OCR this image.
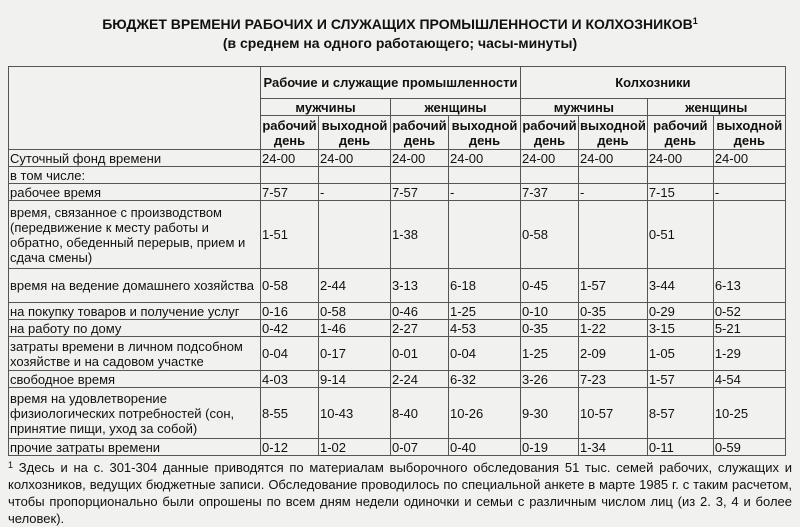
БЮДЖЕТ ВРЕМЕНИ РАБОЧИХ И СЛУЖАЩИХ ПРОМЫШЛЕННОСТИ И КОЛХОЗНИКОВ$^1$
(в среднем на одного работающего; часы-минуты)
	Рабочие и служащие промышленности				Колхозники			
	мужчины		женщины		мужчины		женщины	
	рабочий день	выходной день	рабочий день	выходной день	рабочий день	выходной день	рабочий день	выходной день
Суточный фонд времени	24-00	24-00	24-00	24-00	24-00	24-00	24-00	24-00
в том числе:								
рабочее время	7-57	-	7-57	-	7-37	-	7-15	-
время, связанное с производством (передвижение к месту работы и обратно, обеденный перерыв, прием и сдача смены)	1-51		1-38		0-58		0-51	
время на ведение домашнего хозяйства	0-58	2-44	3-13	6-18	0-45	1-57	3-44	6-13
на покупку товаров и получение услуг	0-16	0-58	0-46	1-25	0-10	0-35	0-29	0-52
на работу по дому	0-42	1-46	2-27	4-53	0-35	1-22	3-15	5-21
затраты времени в личном подсобном хозяйстве и на садовом участке	0-04	0-17	0-01	0-04	1-25	2-09	1-05	1-29
свободное время	4-03	9-14	2-24	6-32	3-26	7-23	1-57	4-54
время на удовлетворение физиологических потребностей (сон, принятие пищи, уход за собой)	8-55	10-43	8-40	10-26	9-30	10-57	8-57	10-25
прочие затраты времени	0-12	1-02	0-07	0-40	0-19	1-34	0-11	0-59
$^1$ Здесь и на с. 301-304 данные приводятся по материалам выборочного обследования 51 тыс. семей рабочих, служащих и колхозников, ведущих бюджетные записи. Обследование проводилось по специальной анкете в марте 1985 г. с таким расчетом, чтобы пропорционально были опрошены по всем дням недели одиночки и семьи с различным числом лиц (из 2. 3, 4 и более человек).
